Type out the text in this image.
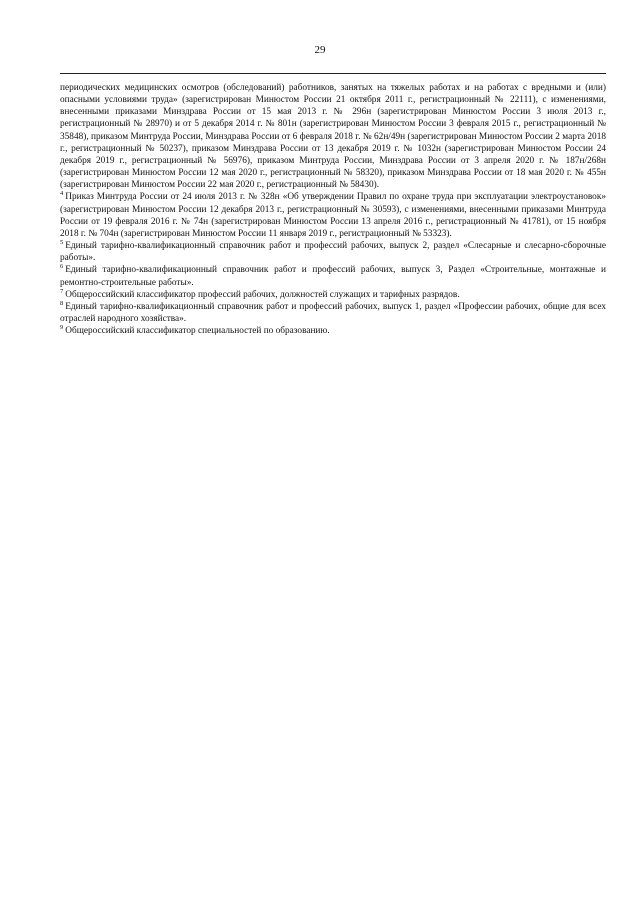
29

периодических медицинских осмотров (обследований) работников, занятых на тяжелых работах и на работах с вредными и (или) опасными условиями труда» (зарегистрирован Минюстом России 21 октября 2011 г., регистрационный № 22111), с изменениями, внесенными приказами Минздрава России от 15 мая 2013 г. № 296н (зарегистрирован Минюстом России 3 июля 2013 г., регистрационный № 28970) и от 5 декабря 2014 г. № 801н (зарегистрирован Минюстом России 3 февраля 2015 г., регистрационный № 35848), приказом Минтруда России, Минздрава России от 6 февраля 2018 г. № 62н/49н (зарегистрирован Минюстом России 2 марта 2018 г., регистрационный № 50237), приказом Минздрава России от 13 декабря 2019 г. № 1032н (зарегистрирован Минюстом России 24 декабря 2019 г., регистрационный № 56976), приказом Минтруда России, Минздрава России от 3 апреля 2020 г. № 187н/268н (зарегистрирован Минюстом России 12 мая 2020 г., регистрационный № 58320), приказом Минздрава России от 18 мая 2020 г. № 455н (зарегистрирован Минюстом России 22 мая 2020 г., регистрационный № 58430).

$^4$ Приказ Минтруда России от 24 июля 2013 г. № 328н «Об утверждении Правил по охране труда при эксплуатации электроустановок» (зарегистрирован Минюстом России 12 декабря 2013 г., регистрационный № 30593), с изменениями, внесенными приказами Минтруда России от 19 февраля 2016 г. № 74н (зарегистрирован Минюстом России 13 апреля 2016 г., регистрационный № 41781), от 15 ноября 2018 г. № 704н (зарегистрирован Минюстом России 11 января 2019 г., регистрационный № 53323).

$^5$ Единый тарифно-квалификационный справочник работ и профессий рабочих, выпуск 2, раздел «Слесарные и слесарно-сборочные работы».

$^6$ Единый тарифно-квалификационный справочник работ и профессий рабочих, выпуск 3, Раздел «Строительные, монтажные и ремонтно-строительные работы».

$^7$ Общероссийский классификатор профессий рабочих, должностей служащих и тарифных разрядов.

$^8$ Единый тарифно-квалификационный справочник работ и профессий рабочих, выпуск 1, раздел «Профессии рабочих, общие для всех отраслей народного хозяйства».

$^9$ Общероссийский классификатор специальностей по образованию.
